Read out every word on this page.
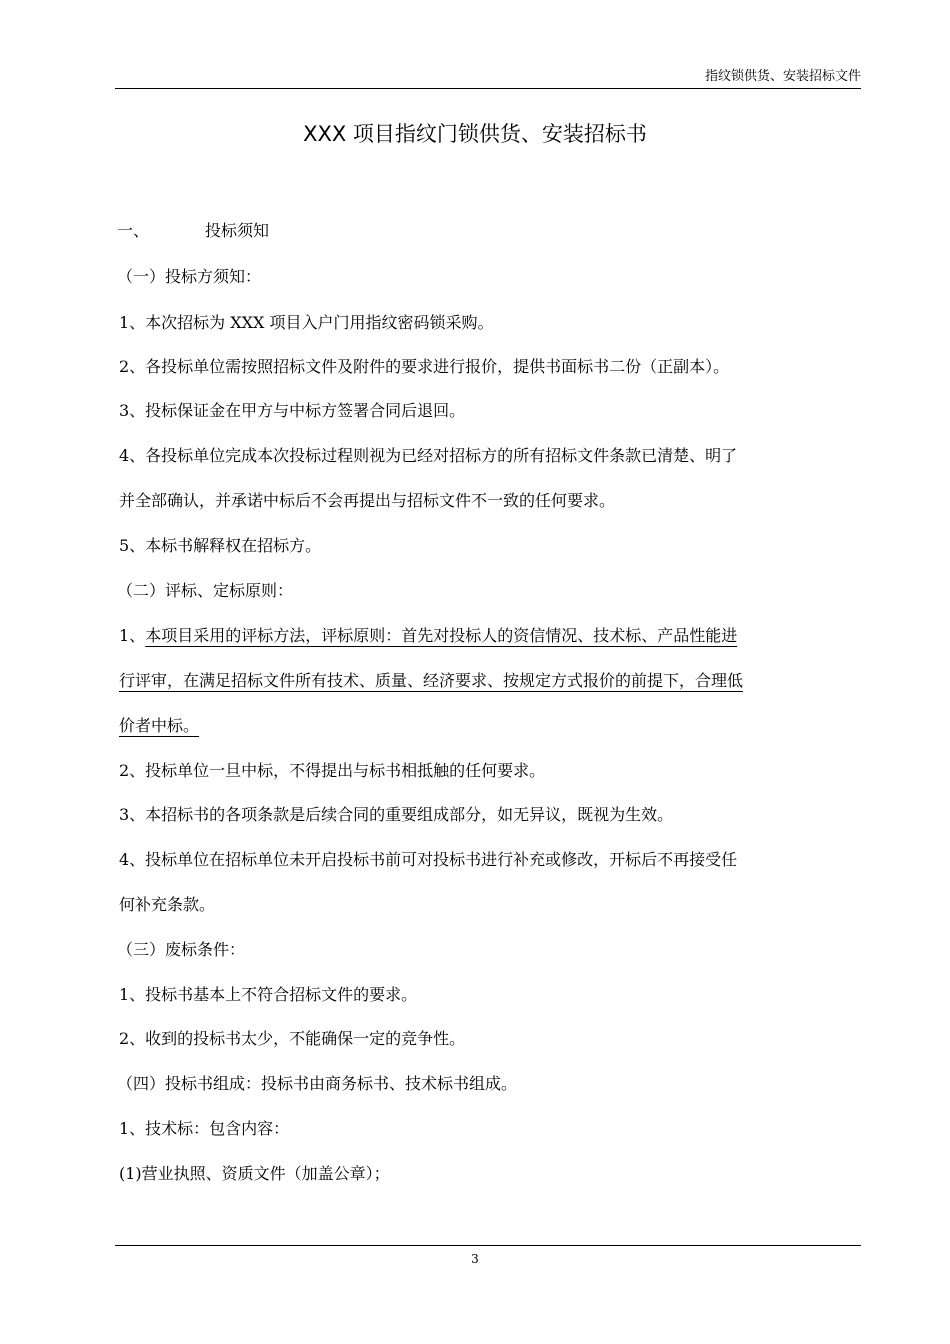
指纹锁供货、安装招标文件
XXX 项目指纹门锁供货、安装招标书
一、	投标须知
（一）投标方须知：
1、本次招标为 XXX 项目入户门用指纹密码锁采购。
2、各投标单位需按照招标文件及附件的要求进行报价，提供书面标书二份（正副本）。
3、投标保证金在甲方与中标方签署合同后退回。
4、各投标单位完成本次投标过程则视为已经对招标方的所有招标文件条款已清楚、明了
并全部确认，并承诺中标后不会再提出与招标文件不一致的任何要求。
5、本标书解释权在招标方。
（二）评标、定标原则：
1、本项目采用的评标方法，评标原则：首先对投标人的资信情况、技术标、产品性能进
行评审，在满足招标文件所有技术、质量、经济要求、按规定方式报价的前提下，合理低
价者中标。
2、投标单位一旦中标，不得提出与标书相抵触的任何要求。
3、本招标书的各项条款是后续合同的重要组成部分，如无异议，既视为生效。
4、投标单位在招标单位未开启投标书前可对投标书进行补充或修改，开标后不再接受任
何补充条款。
（三）废标条件：
1、投标书基本上不符合招标文件的要求。
2、收到的投标书太少，不能确保一定的竞争性。
（四）投标书组成：投标书由商务标书、技术标书组成。
1、技术标：包含内容：
(1)营业执照、资质文件（加盖公章）；
3
